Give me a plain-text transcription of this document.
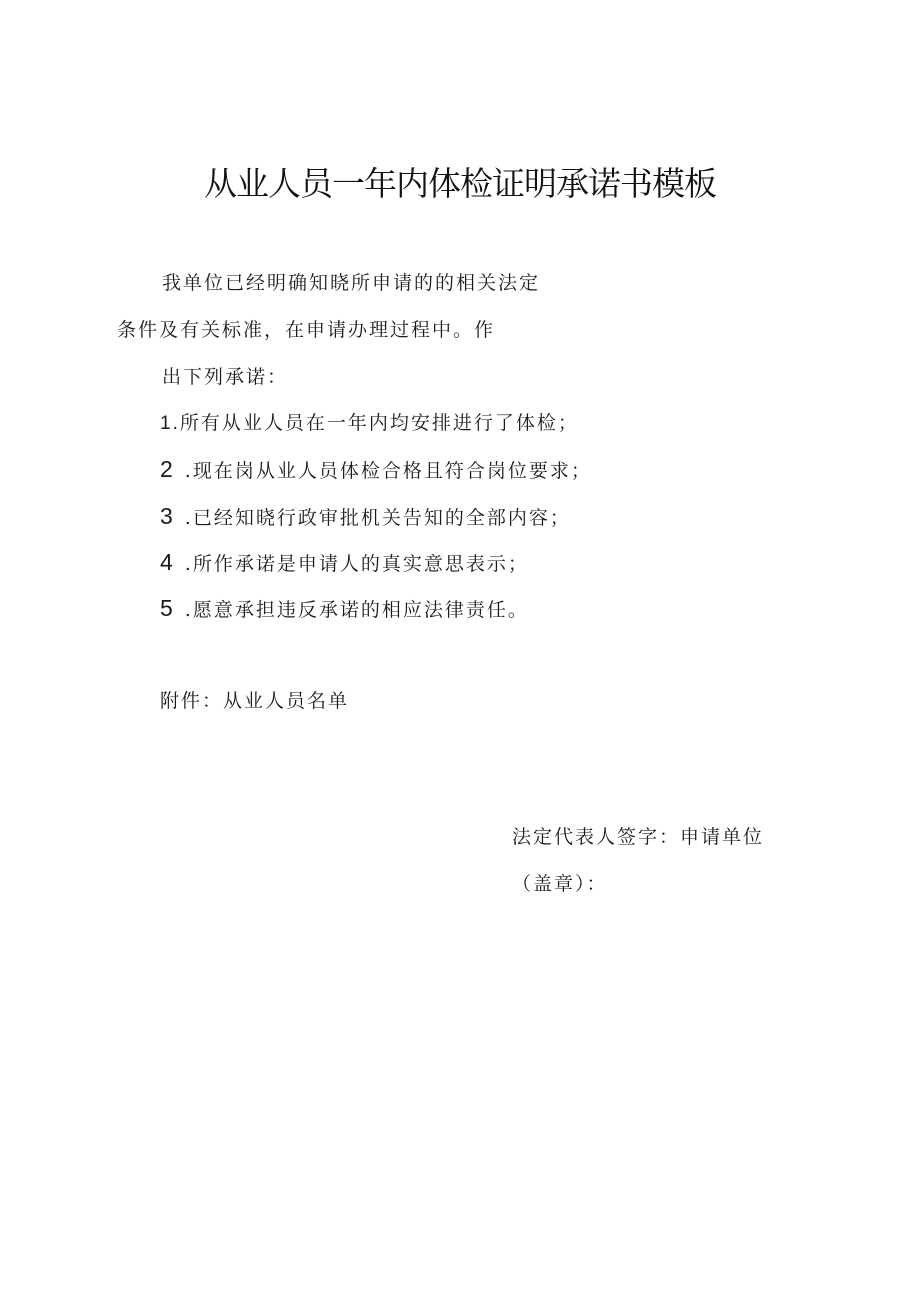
从业人员一年内体检证明承诺书模板
我单位已经明确知晓所申请的的相关法定
条件及有关标准，在申请办理过程中。作
出下列承诺：
1.所有从业人员在一年内均安排进行了体检；
2 .现在岗从业人员体检合格且符合岗位要求；
3 .已经知晓行政审批机关告知的全部内容；
4 .所作承诺是申请人的真实意思表示；
5 .愿意承担违反承诺的相应法律责任。
附件：从业人员名单
法定代表人签字：申请单位
（盖章）：
